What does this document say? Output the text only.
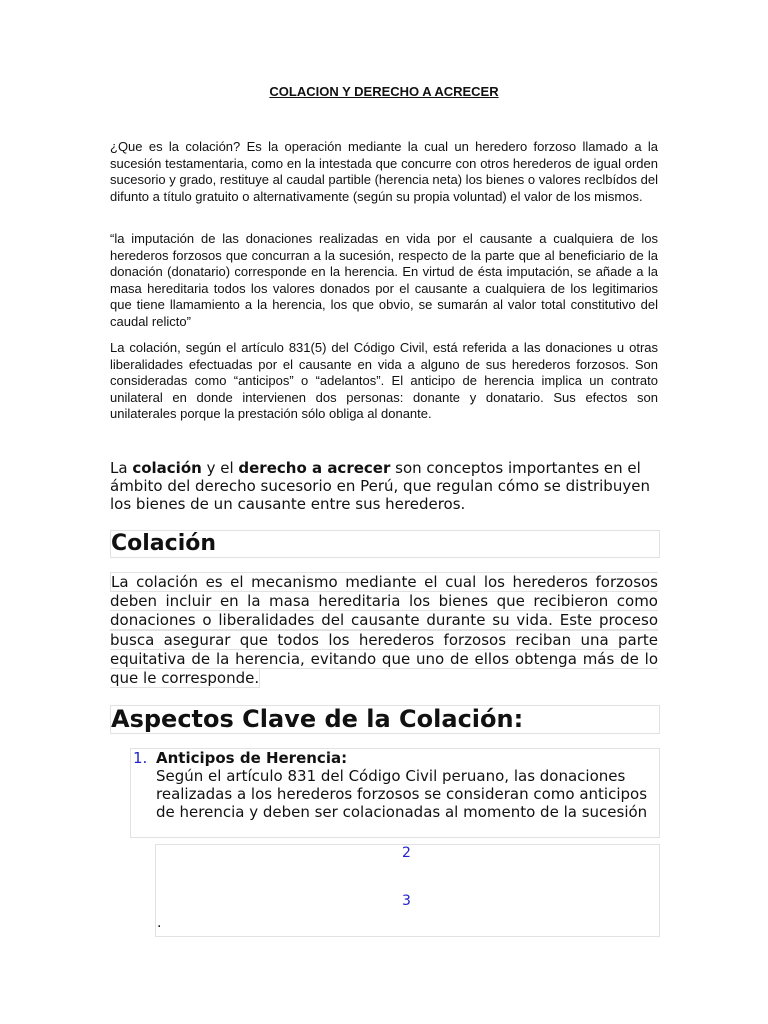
COLACION Y DERECHO A ACRECER

¿Que es la colación? Es la operación mediante la cual un heredero forzoso llamado a la sucesión testamentaria, como en la intestada que concurre con otros herederos de igual orden sucesorio y grado, restituye al caudal partible (herencia neta) los bienes o valores reclbídos del difunto a título gratuito o alternativamente (según su propia voluntad) el valor de los mismos.

“la imputación de las donaciones realizadas en vida por el causante a cualquiera de los herederos forzosos que concurran a la sucesión, respecto de la parte que al beneficiario de la donación (donatario) corresponde en la herencia. En virtud de ésta imputación, se añade a la masa hereditaria todos los valores donados por el causante a cualquiera de los legitimarios que tiene llamamiento a la herencia, los que obvio, se sumarán al valor total constitutivo del caudal relicto”

La colación, según el artículo 831(5) del Código Civil, está referida a las donaciones u otras liberalidades efectuadas por el causante en vida a alguno de sus herederos forzosos. Son consideradas como “anticipos” o “adelantos”. El anticipo de herencia implica un contrato unilateral en donde intervienen dos personas: donante y donatario. Sus efectos son unilaterales porque la prestación sólo obliga al donante.

La colación y el derecho a acrecer son conceptos importantes en el ámbito del derecho sucesorio en Perú, que regulan cómo se distribuyen los bienes de un causante entre sus herederos.

Colación

La colación es el mecanismo mediante el cual los herederos forzosos deben incluir en la masa hereditaria los bienes que recibieron como donaciones o liberalidades del causante durante su vida. Este proceso busca asegurar que todos los herederos forzosos reciban una parte equitativa de la herencia, evitando que uno de ellos obtenga más de lo que le corresponde.

Aspectos Clave de la Colación:
1. Anticipos de Herencia:
Según el artículo 831 del Código Civil peruano, las donaciones realizadas a los herederos forzosos se consideran como anticipos de herencia y deben ser colacionadas al momento de la sucesión
2
3
.
